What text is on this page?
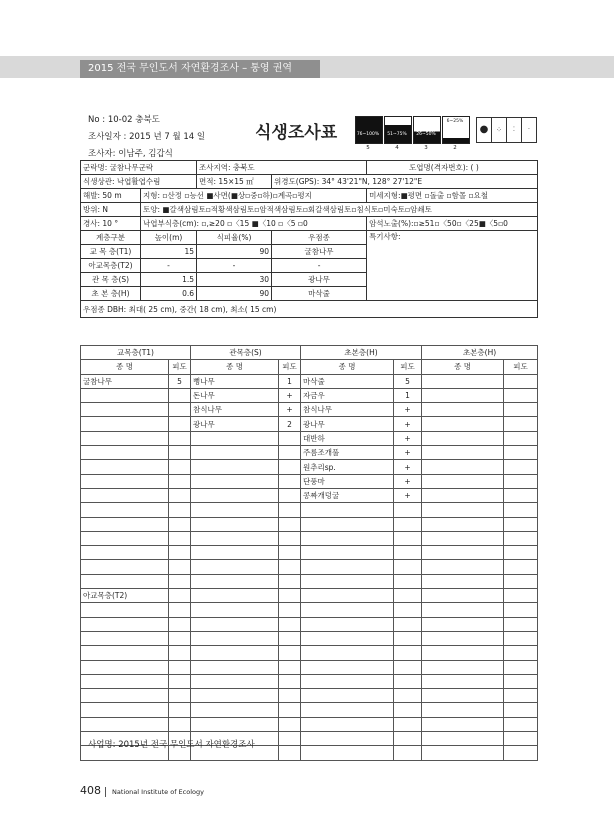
2015 전국 무인도서 자연환경조사 – 통영 권역
No : 10-02 충북도
조사일자 : 2015 년 7 월 14 일
조사자: 이남주, 김갑식
식생조사표	76~100%
5
51~75%
4
26~50%
3
6~25%
2
●	⁘	⁚	·
군락명: 굴참나무군락		조사지역: 충북도		도엽명(격자번호): ( )
식생상관: 낙엽활엽수림		면적: 15×15 ㎡	위경도(GPS): 34° 43'21"N, 128° 27'12"E	
해발: 50 m	지형: ▫산정 ▫능선 ■사면(■상▫중▫하)▫계곡▫평지			미세지형:■평면 ▫돌출 ▫함몰 ▫요철
방위: N	토양: ■갈색삼림토▫적황색삼림토▫암적색삼림토▫회갈색삼림토▫침식토▫미숙토▫암쇄토			
경사: 10 °	낙엽부식층(cm): ▫,≥20 ▫〈15 ■〈10 ▫〈5 ▫0			암석노출(%):▫≥51▫〈50▫〈25■〈5▫0
계층구분	높이(m)	식피율(%)	우점종	특기사항:
교 목 층(T1)	15	90	굴참나무	
아교목층(T2)	-	-	-	
관 목 층(S)	1.5	30	광나무	
초 본 층(H)	0.6	90	마삭줄	
우점종 DBH: 최대( 25 cm), 중간( 18 cm), 최소( 15 cm)				
교목층(T1)		관목층(S)		초본층(H)		초본층(H)	
종 명	피도	종 명	피도	종 명	피도	종 명	피도
굴참나무	5	뻥나무	1	마삭줄	5		
		돈나무	+	자금우	1		
		참식나무	+	참식나무	+		
		광나무	2	광나무	+		
				대반하	+		
				주름조개풀	+		
				원추리sp.	+		
				단풍마	+		
				콩짜개덩굴	+		

아교목층(T2)							

사업명: 2015년 전국 무인도서 자연환경조사
408 National Institute of Ecology
